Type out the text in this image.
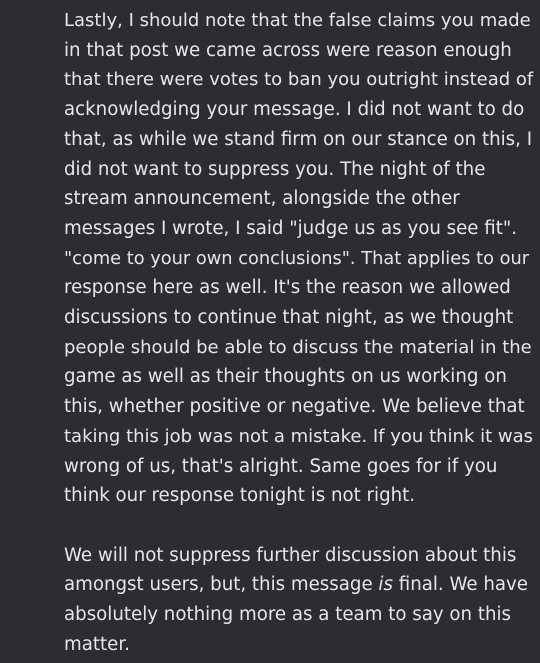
Lastly, I should note that the false claims you made
in that post we came across were reason enough
that there were votes to ban you outright instead of
acknowledging your message. I did not want to do
that, as while we stand firm on our stance on this, I
did not want to suppress you. The night of the
stream announcement, alongside the other
messages I wrote, I said "judge us as you see fit".
"come to your own conclusions". That applies to our
response here as well. It's the reason we allowed
discussions to continue that night, as we thought
people should be able to discuss the material in the
game as well as their thoughts on us working on
this, whether positive or negative. We believe that
taking this job was not a mistake. If you think it was
wrong of us, that's alright. Same goes for if you
think our response tonight is not right.
We will not suppress further discussion about this
amongst users, but, this message is final. We have
absolutely nothing more as a team to say on this
matter.
